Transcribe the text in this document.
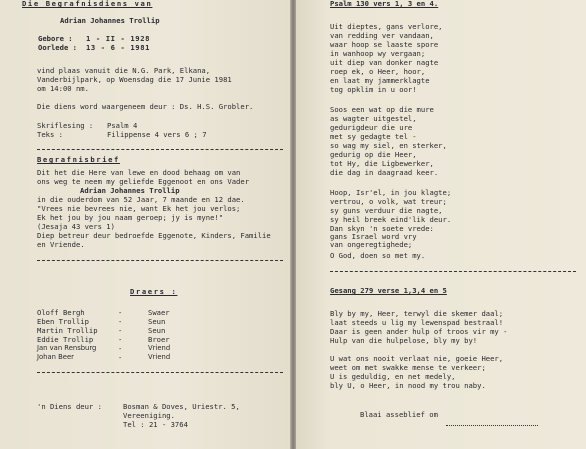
Die Begrafnisdiens van
Adrian Johannes Trollip
Gebore : 1 - II - 1928
Oorlede : 13 - 6 - 1981
vind plaas vanuit die N.G. Park, Elkana,
Vanderbijlpark, op Woensdag die 17 Junie 1981
om 14:00 nm.
Die diens word waargeneem deur : Ds. H.S. Grobler.
Skriflesing : Psalm 4
Teks :	Filippense 4 vers 6 ; 7
Begrafnisbrief
Dit het die Here van lewe en dood behaag om van
ons weg te neem my geliefde Eggenoot en ons Vader
Adrian Johannes Trollip
in die ouderdom van 52 Jaar, 7 maande en 12 dae.
"Vrees nie bevrees nie, want Ek het jou verlos;
Ek het jou by jou naam geroep; jy is myne!"
(Jesaja 43 vers 1)
Diep betreur deur bedroefde Eggenote, Kinders, Familie
en Vriende.
Draers :
Oloff Bergh	-	Swaer
Eben Trollip	-	Seun
Martin Trollip	-	Seun
Eddie Trollip	-	Broer
Jan van Rensburg	-	Vriend
Johan Beer	-	Vriend
'n Diens deur :	Bosman & Doves, Uriestr. 5,
Vereeniging.
Tel : 21 - 3764
Psalm 130 vers 1, 3 en 4.
Uit dieptes, gans verlore,
van redding ver vandaan,
waar hoop se laaste spore
in wanhoop wy vergaan;
uit diep van donker nagte
roep ek, o Heer, hoor,
en laat my jammerklagte
tog opklim in u oor!
Soos een wat op die mure
as wagter uitgestel,
gedurigdeur die ure
met sy gedagte tel -
so wag my siel, en sterker,
gedurig op die Heer,
tot Hy, die Ligbewerker,
die dag in daagraad keer.
Hoop, Isr'el, in jou klagte;
vertrou, o volk, wat treur;
sy guns verduur die nagte,
sy heil breek eind'lik deur.
Dan skyn 'n soete vrede:
gans Israel word vry
van ongeregtighede;
O God, doen so met my.
Gesang 279 verse 1,3,4 en 5
Bly by my, Heer, terwyl die skemer daal;
laat steeds u lig my lewenspad bestraal!
Daar is geen ander hulp of troos vir my -
Hulp van die hulpelose, bly my by!
U wat ons nooit verlaat nie, goeie Heer,
weet om met swakke mense te verkeer;
U is geduldig, en net medely,
bly U, o Heer, in nood my trou naby.
Blaai asseblief om
